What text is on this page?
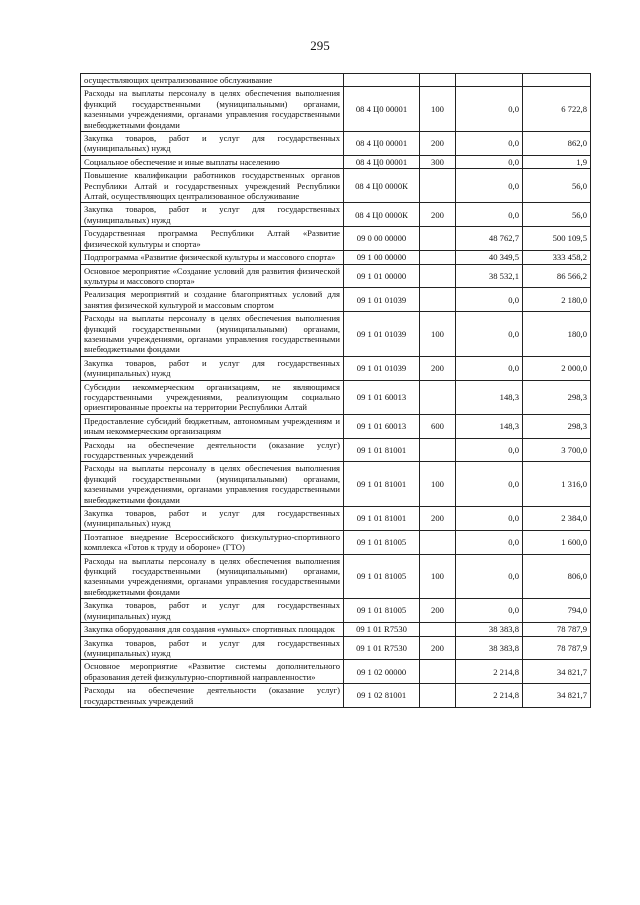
295
осуществляющих централизованное обслуживание				
Расходы на выплаты персоналу в целях обеспечения выполнения функций государственными (муниципальными) органами, казенными учреждениями, органами управления государственными внебюджетными фондами	08 4 Ц0 00001	100	0,0	6 722,8
Закупка товаров, работ и услуг для государственных (муниципальных) нужд	08 4 Ц0 00001	200	0,0	862,0
Социальное обеспечение и иные выплаты населению	08 4 Ц0 00001	300	0,0	1,9
Повышение квалификации работников государственных органов Республики Алтай и государственных учреждений Республики Алтай, осуществляющих централизованное обслуживание	08 4 Ц0 0000К		0,0	56,0
Закупка товаров, работ и услуг для государственных (муниципальных) нужд	08 4 Ц0 0000К	200	0,0	56,0
Государственная программа Республики Алтай «Развитие физической культуры и спорта»	09 0 00 00000		48 762,7	500 109,5
Подпрограмма «Развитие физической культуры и массового спорта»	09 1 00 00000		40 349,5	333 458,2
Основное мероприятие «Создание условий для развития физической культуры и массового спорта»	09 1 01 00000		38 532,1	86 566,2
Реализация мероприятий и создание благоприятных условий для занятия физической культурой и массовым спортом	09 1 01 01039		0,0	2 180,0
Расходы на выплаты персоналу в целях обеспечения выполнения функций государственными (муниципальными) органами, казенными учреждениями, органами управления государственными внебюджетными фондами	09 1 01 01039	100	0,0	180,0
Закупка товаров, работ и услуг для государственных (муниципальных) нужд	09 1 01 01039	200	0,0	2 000,0
Субсидии некоммерческим организациям, не являющимся государственными учреждениями, реализующим социально ориентированные проекты на территории Республики Алтай	09 1 01 60013		148,3	298,3
Предоставление субсидий бюджетным, автономным учреждениям и иным некоммерческим организациям	09 1 01 60013	600	148,3	298,3
Расходы на обеспечение деятельности (оказание услуг) государственных учреждений	09 1 01 81001		0,0	3 700,0
Расходы на выплаты персоналу в целях обеспечения выполнения функций государственными (муниципальными) органами, казенными учреждениями, органами управления государственными внебюджетными фондами	09 1 01 81001	100	0,0	1 316,0
Закупка товаров, работ и услуг для государственных (муниципальных) нужд	09 1 01 81001	200	0,0	2 384,0
Поэтапное внедрение Всероссийского физкультурно-спортивного комплекса «Готов к труду и обороне» (ГТО)	09 1 01 81005		0,0	1 600,0
Расходы на выплаты персоналу в целях обеспечения выполнения функций государственными (муниципальными) органами, казенными учреждениями, органами управления государственными внебюджетными фондами	09 1 01 81005	100	0,0	806,0
Закупка товаров, работ и услуг для государственных (муниципальных) нужд	09 1 01 81005	200	0,0	794,0
Закупка оборудования для создания «умных» спортивных площадок	09 1 01 R7530		38 383,8	78 787,9
Закупка товаров, работ и услуг для государственных (муниципальных) нужд	09 1 01 R7530	200	38 383,8	78 787,9
Основное мероприятие «Развитие системы дополнительного образования детей физкультурно-спортивной направленности»	09 1 02 00000		2 214,8	34 821,7
Расходы на обеспечение деятельности (оказание услуг) государственных учреждений	09 1 02 81001		2 214,8	34 821,7
